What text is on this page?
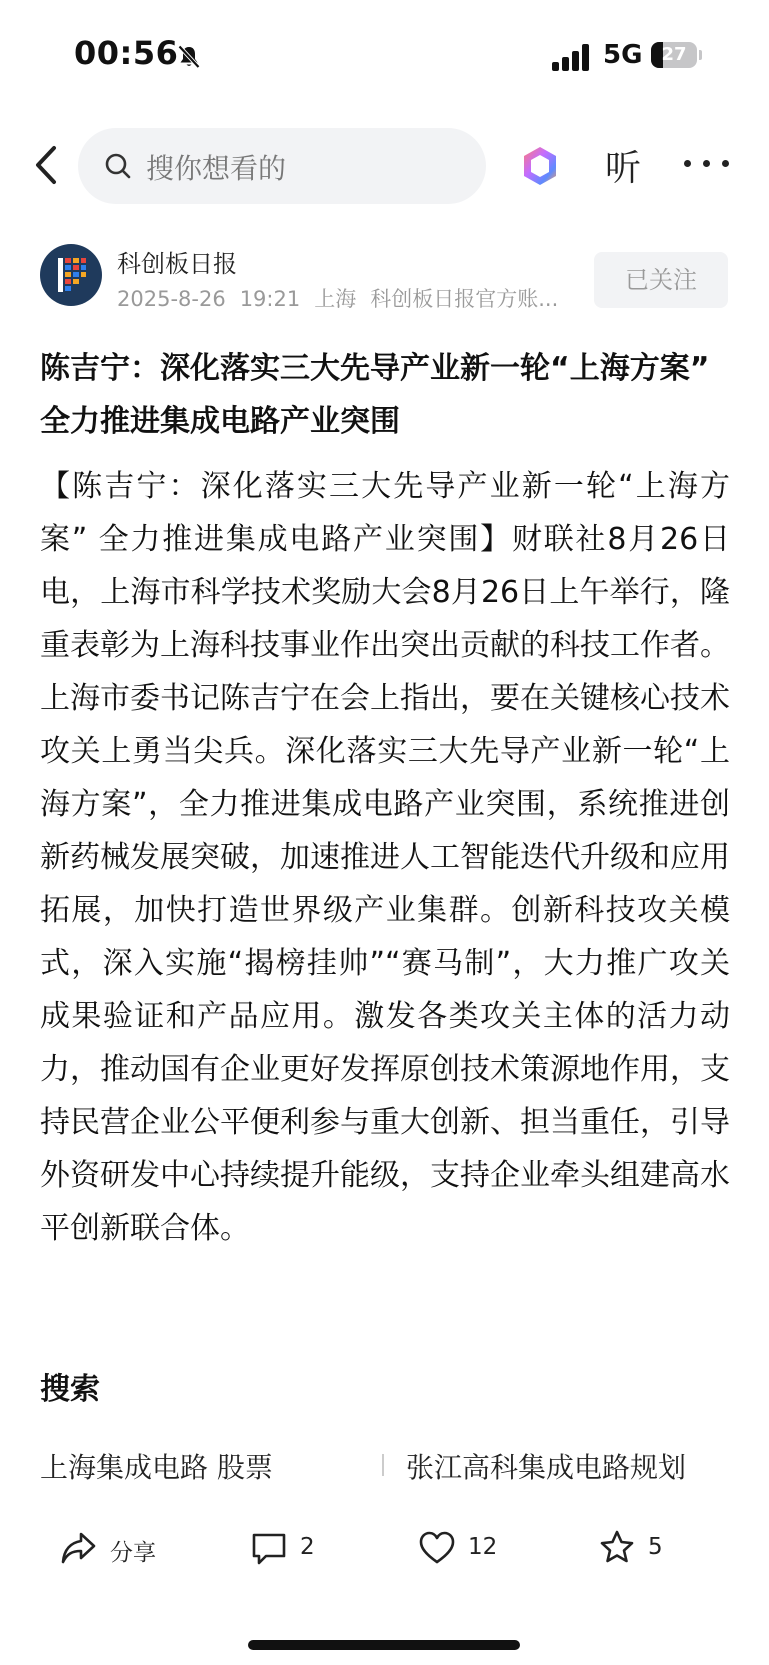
00:56	5G	27
搜你想看的	听
科创板日报
2025-8-26 19:21 上海 科创板日报官方账...
已关注
陈吉宁：深化落实三大先导产业新一轮“上海方案” 全力推进集成电路产业突围
【陈吉宁：深化落实三大先导产业新一轮“上海方案” 全力推进集成电路产业突围】财联社8月26日电，上海市科学技术奖励大会8月26日上午举行，隆重表彰为上海科技事业作出突出贡献的科技工作者。上海市委书记陈吉宁在会上指出，要在关键核心技术攻关上勇当尖兵。深化落实三大先导产业新一轮“上海方案”，全力推进集成电路产业突围，系统推进创新药械发展突破，加速推进人工智能迭代升级和应用拓展，加快打造世界级产业集群。创新科技攻关模式，深入实施“揭榜挂帅”“赛马制”，大力推广攻关成果验证和产品应用。激发各类攻关主体的活力动力，推动国有企业更好发挥原创技术策源地作用，支持民营企业公平便利参与重大创新、担当重任，引导外资研发中心持续提升能级，支持企业牵头组建高水平创新联合体。
搜索
上海集成电路 股票	张江高科集成电路规划
分享	2	12	5
